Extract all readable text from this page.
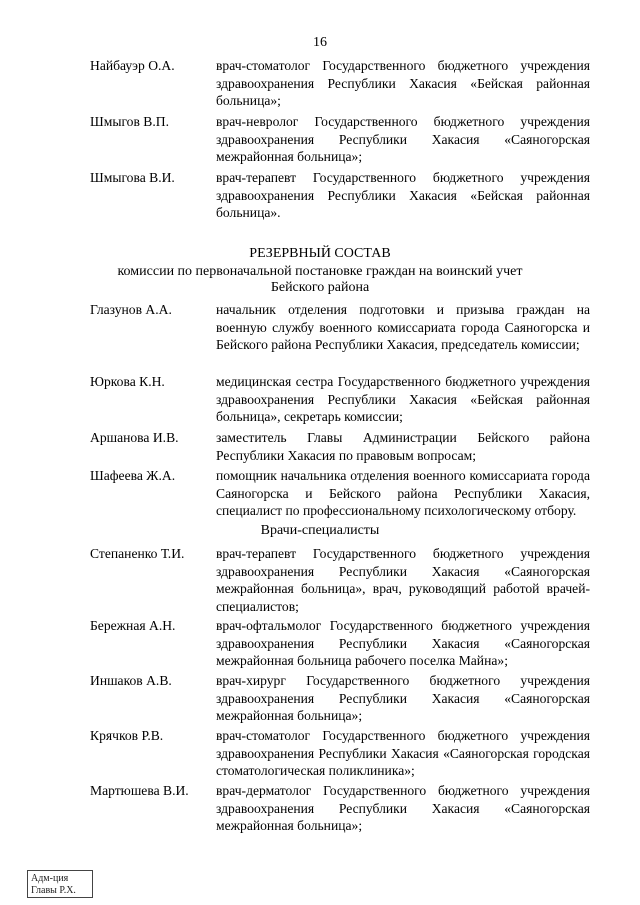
16
Найбауэр О.А.	врач-стоматолог Государственного бюджетного учреждения здравоохранения Республики Хакасия «Бейская районная больница»;
Шмыгов В.П.	врач-невролог Государственного бюджетного учреждения здравоохранения Республики Хакасия «Саяногорская межрайонная больница»;
Шмыгова В.И.	врач-терапевт Государственного бюджетного учреждения здравоохранения Республики Хакасия «Бейская районная больница».
РЕЗЕРВНЫЙ СОСТАВ
комиссии по первоначальной постановке граждан на воинский учет
Бейского района
Глазунов А.А.	начальник отделения подготовки и призыва граждан на военную службу военного комиссариата города Саяногорска и Бейского района Республики Хакасия, председатель комиссии;
Юркова К.Н.	медицинская сестра Государственного бюджетного учреждения здравоохранения Республики Хакасия «Бейская районная больница», секретарь комиссии;
Аршанова И.В.	заместитель Главы Администрации Бейского района Республики Хакасия по правовым вопросам;
Шафеева Ж.А.	помощник начальника отделения военного комиссариата города Саяногорска и Бейского района Республики Хакасия, специалист по профессиональному психологическому отбору.
Врачи-специалисты
Степаненко Т.И.	врач-терапевт Государственного бюджетного учреждения здравоохранения Республики Хакасия «Саяногорская межрайонная больница», врач, руководящий работой врачей-специалистов;
Бережная А.Н.	врач-офтальмолог Государственного бюджетного учреждения здравоохранения Республики Хакасия «Саяногорская межрайонная больница рабочего поселка Майна»;
Иншаков А.В.	врач-хирург Государственного бюджетного учреждения здравоохранения Республики Хакасия «Саяногорская межрайонная больница»;
Крячков Р.В.	врач-стоматолог Государственного бюджетного учреждения здравоохранения Республики Хакасия «Саяногорская городская стоматологическая поликлиника»;
Мартюшева В.И.	врач-дерматолог Государственного бюджетного учреждения здравоохранения Республики Хакасия «Саяногорская межрайонная больница»;
Адм-ция
Главы Р.Х.
